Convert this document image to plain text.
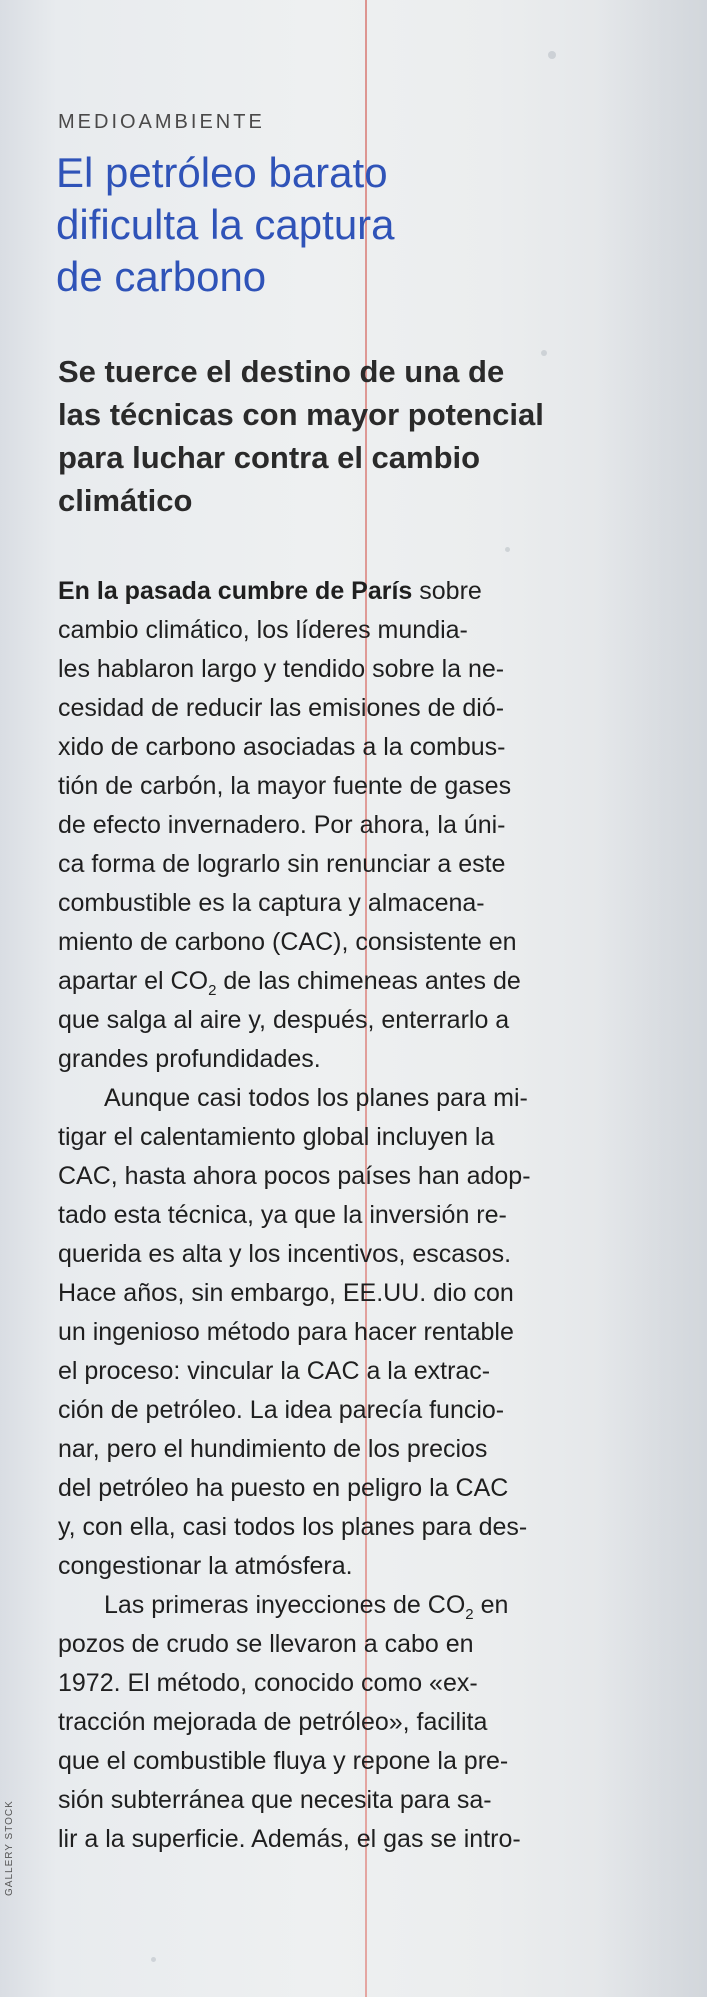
MEDIOAMBIENTE
El petróleo barato
dificulta la captura
de carbono
Se tuerce el destino de una de
las técnicas con mayor potencial
para luchar contra el cambio
climático
En la pasada cumbre de París sobre
cambio climático, los líderes mundia-
les hablaron largo y tendido sobre la ne-
cesidad de reducir las emisiones de dió-
xido de carbono asociadas a la combus-
tión de carbón, la mayor fuente de gases
de efecto invernadero. Por ahora, la úni-
ca forma de lograrlo sin renunciar a este
combustible es la captura y almacena-
miento de carbono (CAC), consistente en
apartar el $CO_2$ de las chimeneas antes de
que salga al aire y, después, enterrarlo a
grandes profundidades.
Aunque casi todos los planes para mi-
tigar el calentamiento global incluyen la
CAC, hasta ahora pocos países han adop-
tado esta técnica, ya que la inversión re-
querida es alta y los incentivos, escasos.
Hace años, sin embargo, EE.UU. dio con
un ingenioso método para hacer rentable
el proceso: vincular la CAC a la extrac-
ción de petróleo. La idea parecía funcio-
nar, pero el hundimiento de los precios
del petróleo ha puesto en peligro la CAC
y, con ella, casi todos los planes para des-
congestionar la atmósfera.
Las primeras inyecciones de $CO_2$ en
pozos de crudo se llevaron a cabo en
1972. El método, conocido como «ex-
tracción mejorada de petróleo», facilita
que el combustible fluya y repone la pre-
sión subterránea que necesita para sa-
lir a la superficie. Además, el gas se intro-
GALLERY STOCK
